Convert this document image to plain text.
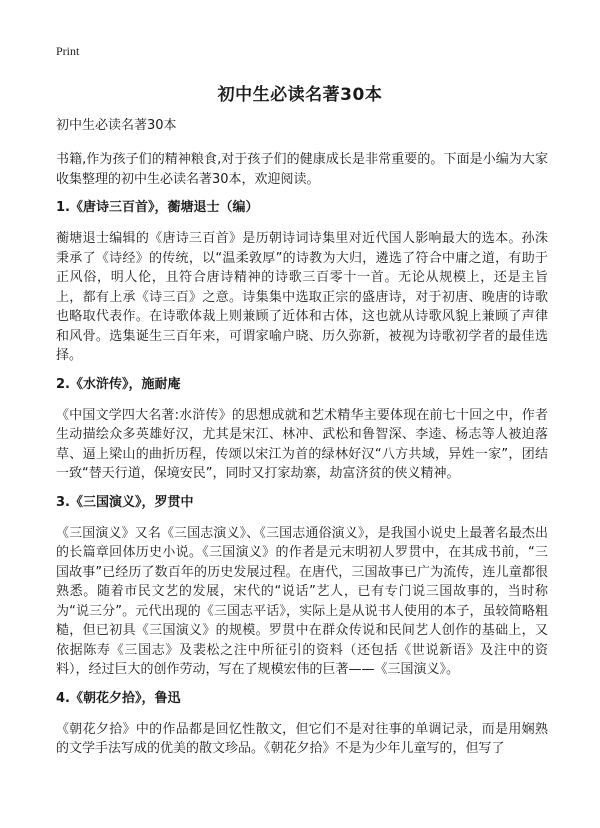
Print
初中生必读名著30本

初中生必读名著30本

书籍,作为孩子们的精神粮食,对于孩子们的健康成长是非常重要的。下面是小编为大家收集整理的初中生必读名著30本，欢迎阅读。

1.《唐诗三百首》，蘅塘退士（编）

蘅塘退士编辑的《唐诗三百首》是历朝诗词诗集里对近代国人影响最大的选本。孙洙秉承了《诗经》的传统，以“温柔敦厚”的诗教为大归，遴选了符合中庸之道，有助于正风俗，明人伦，且符合唐诗精神的诗歌三百零十一首。无论从规模上，还是主旨上，都有上承《诗三百》之意。诗集集中选取正宗的盛唐诗，对于初唐、晚唐的诗歌也略取代表作。在诗歌体裁上则兼顾了近体和古体，这也就从诗歌风貌上兼顾了声律和风骨。选集诞生三百年来，可谓家喻户晓、历久弥新，被视为诗歌初学者的最佳选择。

2.《水浒传》，施耐庵

《中国文学四大名著:水浒传》的思想成就和艺术精华主要体现在前七十回之中，作者生动描绘众多英雄好汉，尤其是宋江、林冲、武松和鲁智深、李逵、杨志等人被迫落草、逼上梁山的曲折历程，传颂以宋江为首的绿林好汉“八方共域，异姓一家”，团结一致“替天行道，保境安民”，同时又打家劫寨，劫富济贫的侠义精神。

3.《三国演义》，罗贯中

《三国演义》又名《三国志演义》、《三国志通俗演义》，是我国小说史上最著名最杰出的长篇章回体历史小说。《三国演义》的作者是元末明初人罗贯中，在其成书前，“三国故事”已经历了数百年的历史发展过程。在唐代，三国故事已广为流传，连儿童都很熟悉。随着市民文艺的发展，宋代的“说话”艺人，已有专门说三国故事的，当时称为“说三分”。元代出现的《三国志平话》，实际上是从说书人使用的本子，虽较简略粗糙，但已初具《三国演义》的规模。罗贯中在群众传说和民间艺人创作的基础上，又依据陈寿《三国志》及裴松之注中所征引的资料（还包括《世说新语》及注中的资料），经过巨大的创作劳动，写在了规模宏伟的巨著——《三国演义》。

4.《朝花夕拾》，鲁迅

《朝花夕拾》中的作品都是回忆性散文，但它们不是对往事的单调记录，而是用娴熟的文学手法写成的优美的散文珍品。《朝花夕拾》不是为少年儿童写的，但写了
